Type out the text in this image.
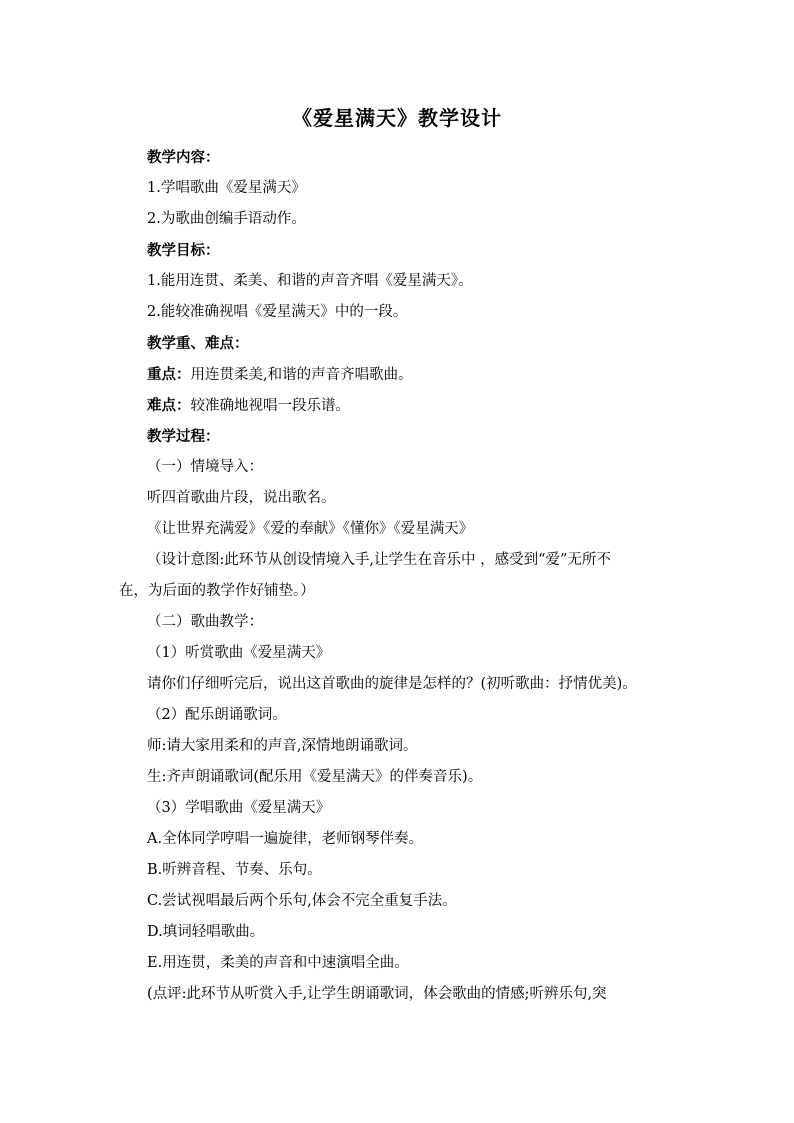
《爱星满天》教学设计
教学内容：
1.学唱歌曲《爱星满天》
2.为歌曲创编手语动作。
教学目标：
1.能用连贯、柔美、和谐的声音齐唱《爱星满天》。
2.能较准确视唱《爱星满天》中的一段。
教学重、难点：
重点：用连贯柔美,和谐的声音齐唱歌曲。
难点：较准确地视唱一段乐谱。
教学过程：
（一）情境导入：
听四首歌曲片段，说出歌名。
《让世界充满爱》《爱的奉献》《懂你》《爱星满天》
（设计意图:此环节从创设情境入手,让学生在音乐中 ，感受到“爱”无所不
在，为后面的教学作好铺垫。）
（二）歌曲教学：
（1）听赏歌曲《爱星满天》
请你们仔细听完后，说出这首歌曲的旋律是怎样的？(初听歌曲：抒情优美)。
（2）配乐朗诵歌词。
师:请大家用柔和的声音,深情地朗诵歌词。
生:齐声朗诵歌词(配乐用《爱星满天》的伴奏音乐)。
（3）学唱歌曲《爱星满天》
A.全体同学哼唱一遍旋律，老师钢琴伴奏。
B.听辨音程、节奏、乐句。
C.尝试视唱最后两个乐句,体会不完全重复手法。
D.填词轻唱歌曲。
E.用连贯，柔美的声音和中速演唱全曲。
(点评:此环节从听赏入手,让学生朗诵歌词，体会歌曲的情感;听辨乐句,突
